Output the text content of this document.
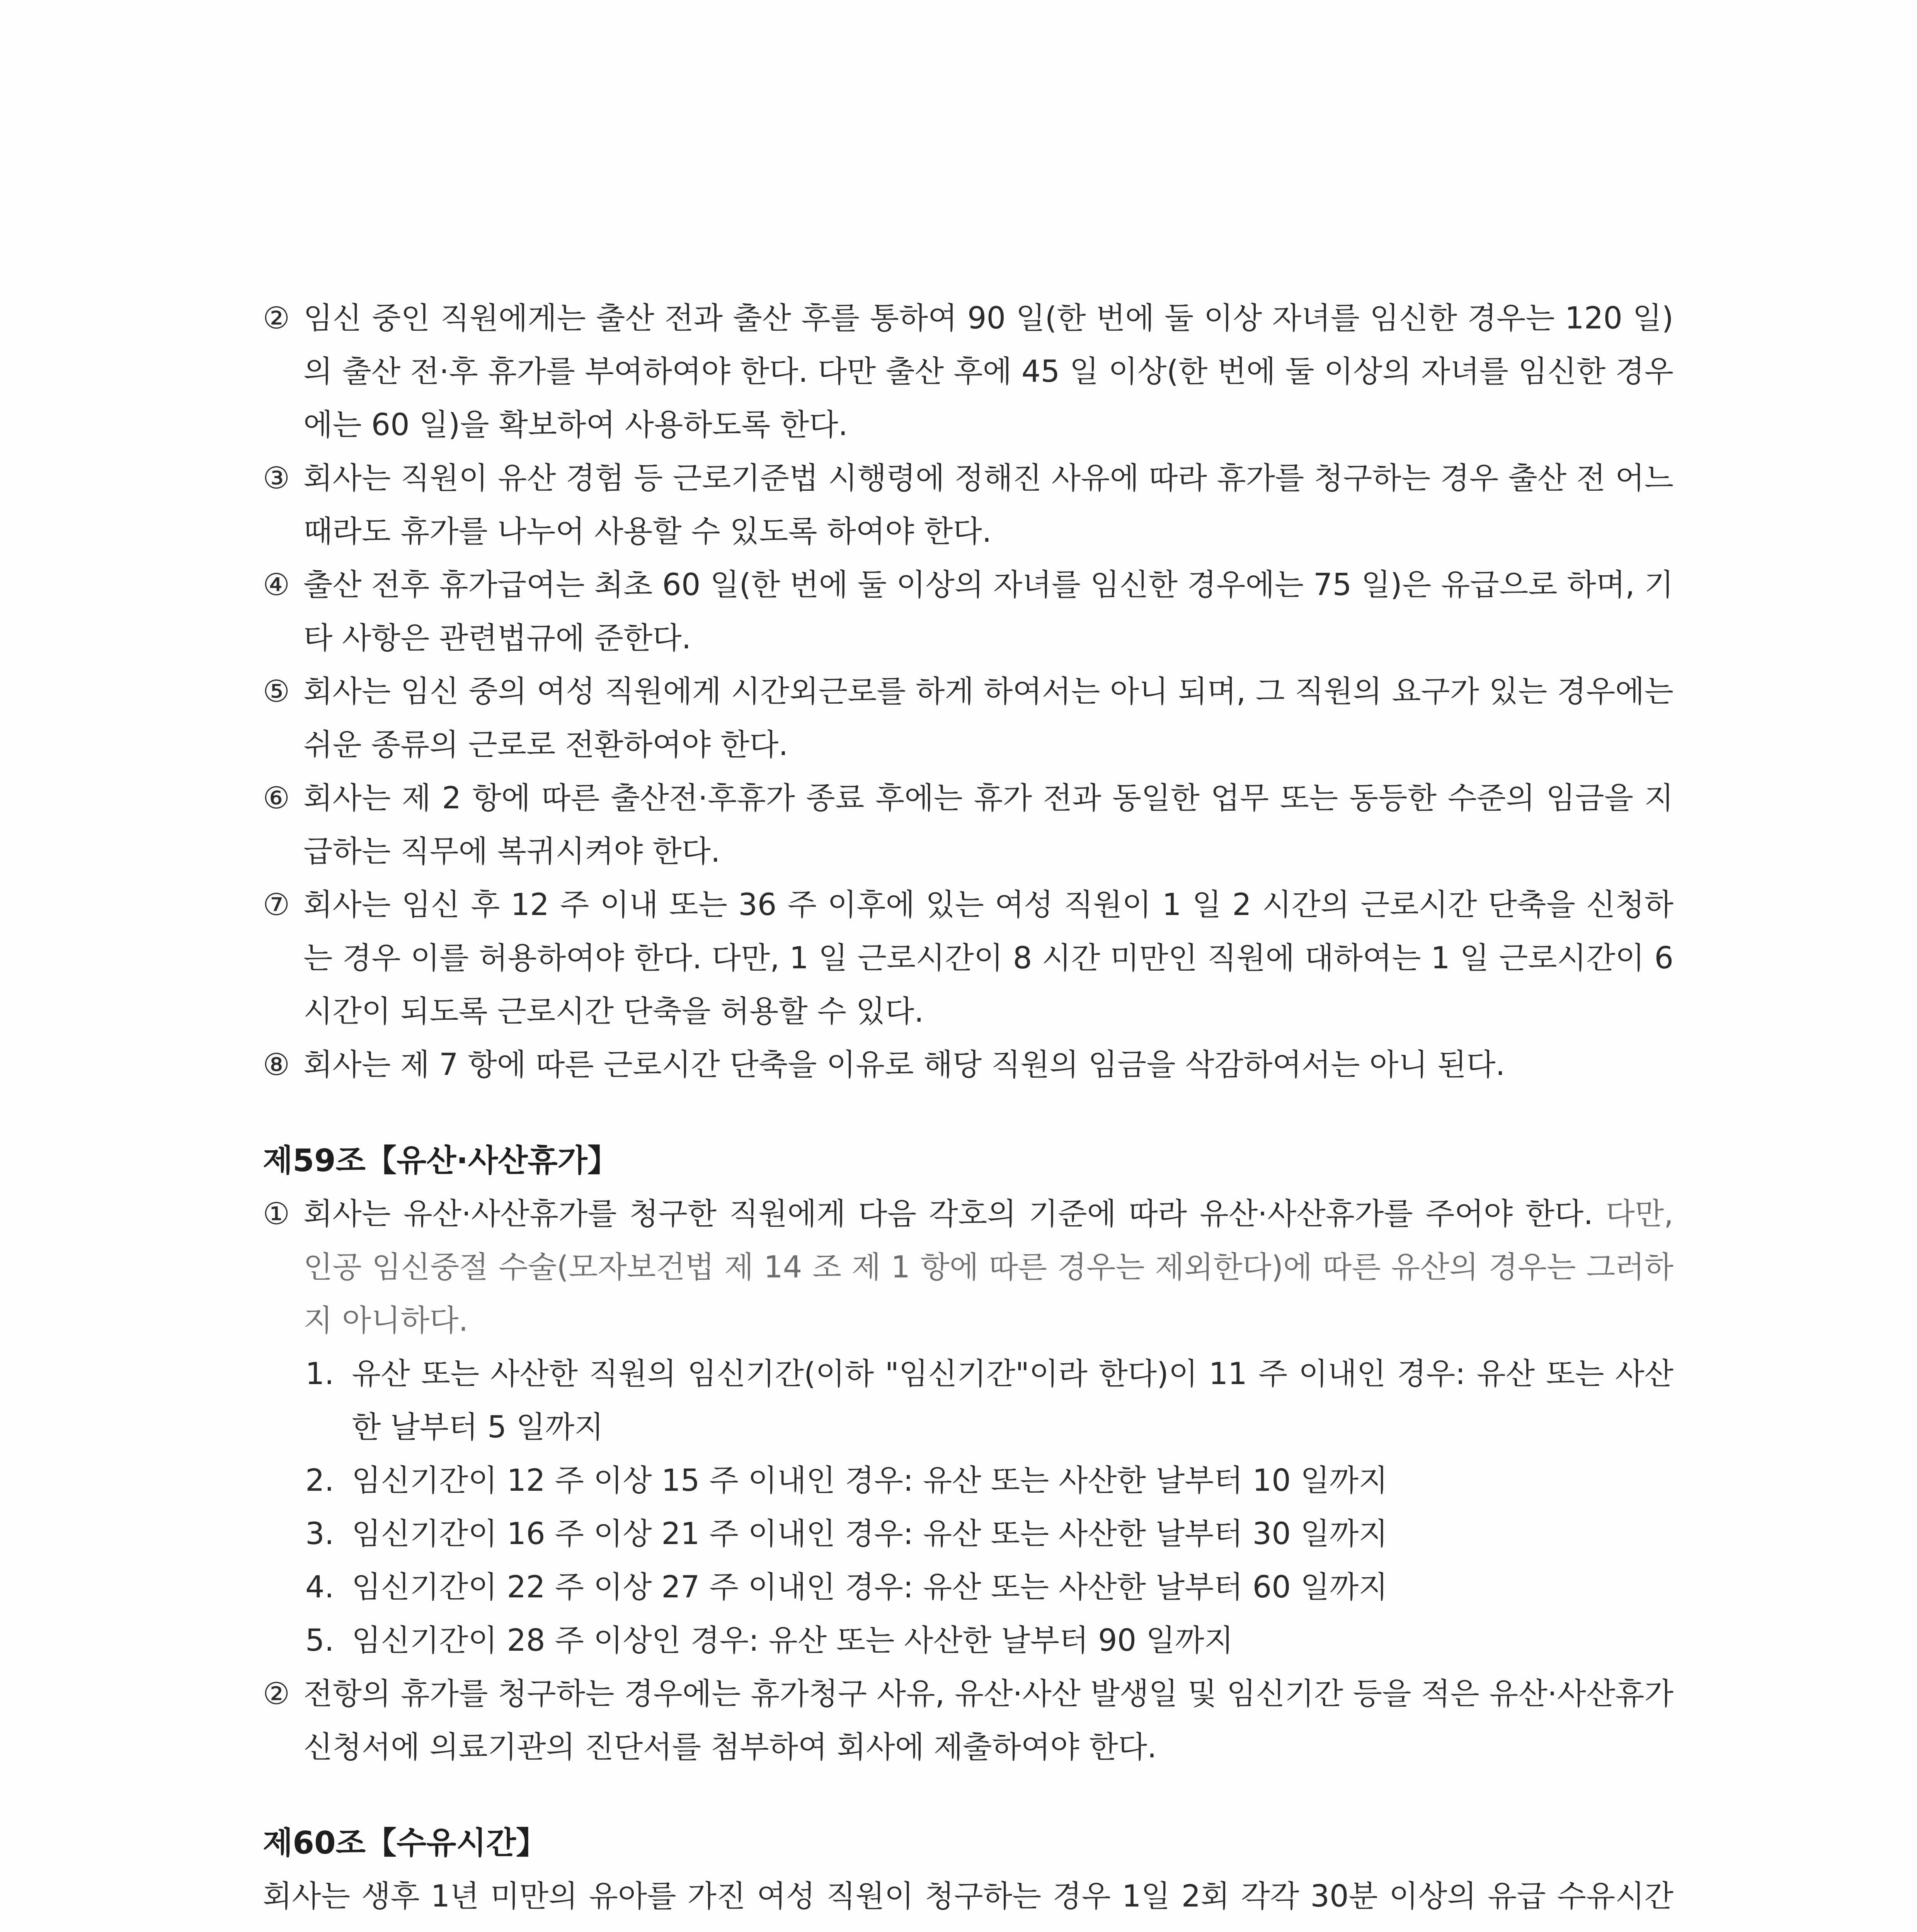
② 임신 중인 직원에게는 출산 전과 출산 후를 통하여 90 일(한 번에 둘 이상 자녀를 임신한 경우는 120 일)의 출산 전·후 휴가를 부여하여야 한다. 다만 출산 후에 45 일 이상(한 번에 둘 이상의 자녀를 임신한 경우에는 60 일)을 확보하여 사용하도록 한다.
③ 회사는 직원이 유산 경험 등 근로기준법 시행령에 정해진 사유에 따라 휴가를 청구하는 경우 출산 전 어느 때라도 휴가를 나누어 사용할 수 있도록 하여야 한다.
④ 출산 전후 휴가급여는 최초 60 일(한 번에 둘 이상의 자녀를 임신한 경우에는 75 일)은 유급으로 하며, 기타 사항은 관련법규에 준한다.
⑤ 회사는 임신 중의 여성 직원에게 시간외근로를 하게 하여서는 아니 되며, 그 직원의 요구가 있는 경우에는 쉬운 종류의 근로로 전환하여야 한다.
⑥ 회사는 제 2 항에 따른 출산전·후휴가 종료 후에는 휴가 전과 동일한 업무 또는 동등한 수준의 임금을 지급하는 직무에 복귀시켜야 한다.
⑦ 회사는 임신 후 12 주 이내 또는 36 주 이후에 있는 여성 직원이 1 일 2 시간의 근로시간 단축을 신청하는 경우 이를 허용하여야 한다. 다만, 1 일 근로시간이 8 시간 미만인 직원에 대하여는 1 일 근로시간이 6 시간이 되도록 근로시간 단축을 허용할 수 있다.
⑧ 회사는 제 7 항에 따른 근로시간 단축을 이유로 해당 직원의 임금을 삭감하여서는 아니 된다.
제59조【유산·사산휴가】
① 회사는 유산·사산휴가를 청구한 직원에게 다음 각호의 기준에 따라 유산·사산휴가를 주어야 한다. 다만, 인공 임신중절 수술(모자보건법 제 14 조 제 1 항에 따른 경우는 제외한다)에 따른 유산의 경우는 그러하지 아니하다.
1. 유산 또는 사산한 직원의 임신기간(이하 "임신기간"이라 한다)이 11 주 이내인 경우: 유산 또는 사산한 날부터 5 일까지
2. 임신기간이 12 주 이상 15 주 이내인 경우: 유산 또는 사산한 날부터 10 일까지
3. 임신기간이 16 주 이상 21 주 이내인 경우: 유산 또는 사산한 날부터 30 일까지
4. 임신기간이 22 주 이상 27 주 이내인 경우: 유산 또는 사산한 날부터 60 일까지
5. 임신기간이 28 주 이상인 경우: 유산 또는 사산한 날부터 90 일까지
② 전항의 휴가를 청구하는 경우에는 휴가청구 사유, 유산·사산 발생일 및 임신기간 등을 적은 유산·사산휴가 신청서에 의료기관의 진단서를 첨부하여 회사에 제출하여야 한다.
제60조【수유시간】
회사는 생후 1년 미만의 유아를 가진 여성 직원이 청구하는 경우 1일 2회 각각 30분 이상의 유급 수유시간
